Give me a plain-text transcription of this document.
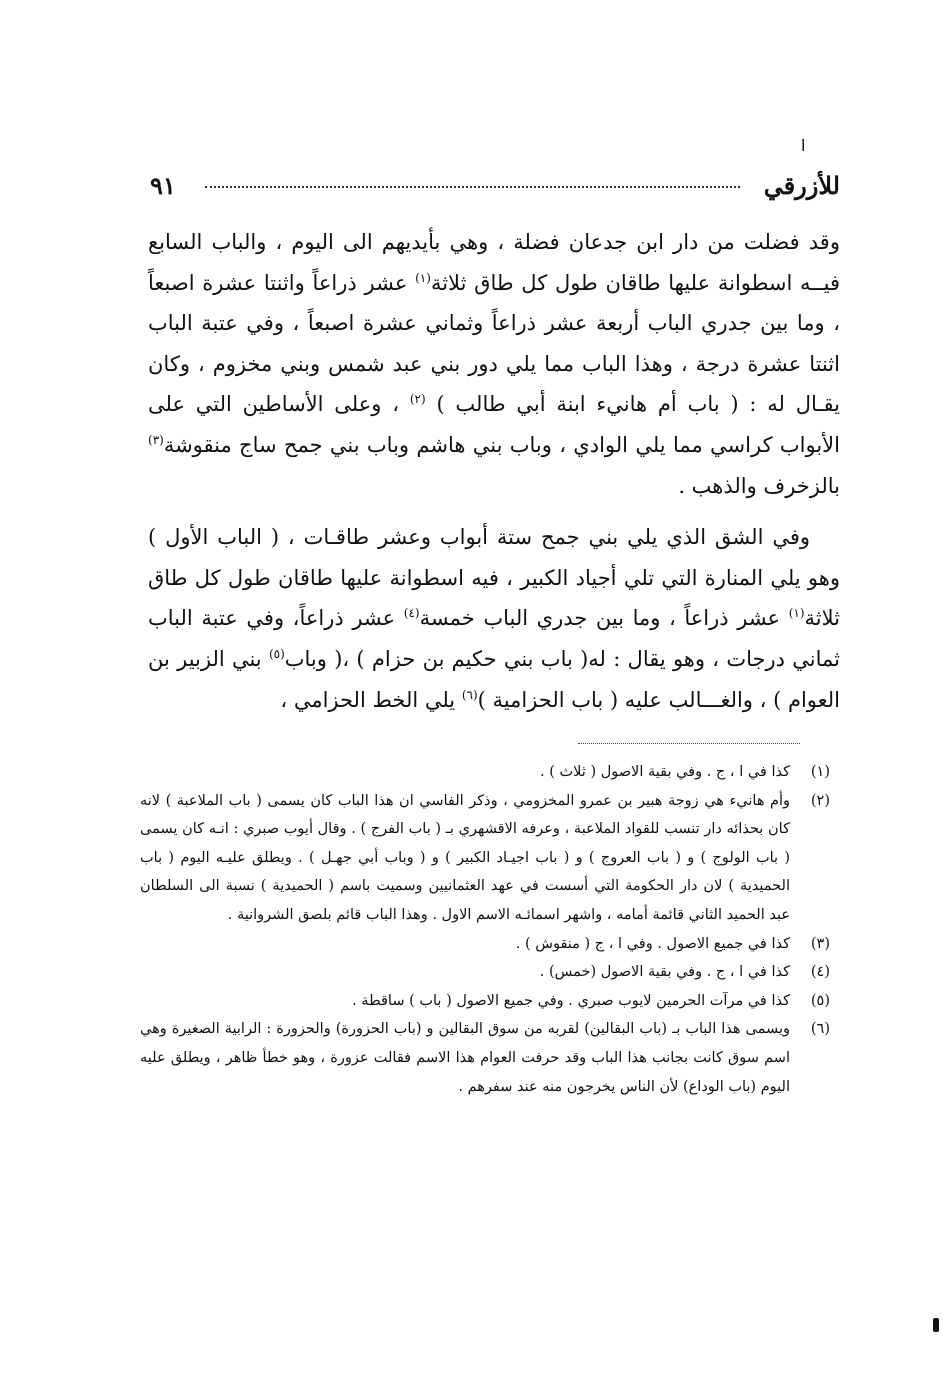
ا
٩١	للأزرقي

وقد فضلت من دار ابن جدعان فضلة ، وهي بأيديهم الى اليوم ، والباب السابع فيــه اسطوانة عليها طاقان طول كل طاق ثلاثة$^{(١)}$ عشر ذراعاً واثنتا عشرة اصبعاً ، وما بين جدري الباب أربعة عشر ذراعاً وثماني عشرة اصبعاً ، وفي عتبة الباب اثنتا عشرة درجة ، وهذا الباب مما يلي دور بني عبد شمس وبني مخزوم ، وكان يقـال له : ( باب أم هانيء ابنة أبي طالب ) $^{(٢)}$ ، وعلى الأساطين التي على الأبواب كراسي مما يلي الوادي ، وباب بني هاشم وباب بني جمح ساج منقوشة$^{(٣)}$ بالزخرف والذهب .

وفي الشق الذي يلي بني جمح ستة أبواب وعشر طاقـات ، ( الباب الأول ) وهو يلي المنارة التي تلي أجياد الكبير ، فيه اسطوانة عليها طاقان طول كل طاق ثلاثة$^{(١)}$ عشر ذراعاً ، وما بين جدري الباب خمسة$^{(٤)}$ عشر ذراعاً، وفي عتبة الباب ثماني درجات ، وهو يقال : له( باب بني حكيم بن حزام ) ،( وباب$^{(٥)}$ بني الزبير بن العوام ) ، والغـــالب عليه ( باب الحزامية )$^{(٦)}$ يلي الخط الحزامي ،

(١)
كذا في ا ، ج . وفي بقية الاصول ( ثلاث ) .
(٢)
وأم هانيء هي زوجة هبير بن عمرو المخزومي ، وذكر الفاسي ان هذا الباب كان يسمى ( باب الملاعبة ) لانه كان بحذائه دار تنسب للقواد الملاعبة ، وعرفه الاقشهري بـ ( باب الفرج ) . وقال أيوب صبري : انـه كان يسمى ( باب الولوج ) و ( باب العروج ) و ( باب اجيـاد الكبير ) و ( وباب أبي جهـل ) . ويطلق عليـه اليوم ( باب الحميدية ) لان دار الحكومة التي أسست في عهد العثمانيين وسميت باسم ( الحميدية ) نسبة الى السلطان عبد الحميد الثاني قائمة أمامه ، واشهر اسمائـه الاسم الاول . وهذا الباب قائم بلصق الشروانية .
(٣)
كذا في جميع الاصول . وفي ا ، ج ( منقوش ) .
(٤)
كذا في ا ، ج . وفي بقية الاصول (خمس) .
(٥)
كذا في مرآت الحرمين لايوب صبري . وفي جميع الاصول ( باب ) ساقطة .
(٦)
ويسمى هذا الباب بـ (باب البقالين) لقربه من سوق البقالين و (باب الحزورة) والحزورة : الرابية الصغيرة وهي اسم سوق كانت بجانب هذا الباب وقد حرفت العوام هذا الاسم فقالت عزورة ، وهو خطأ ظاهر ، ويطلق عليه اليوم (باب الوداع) لأن الناس يخرجون منه عند سفرهم .
